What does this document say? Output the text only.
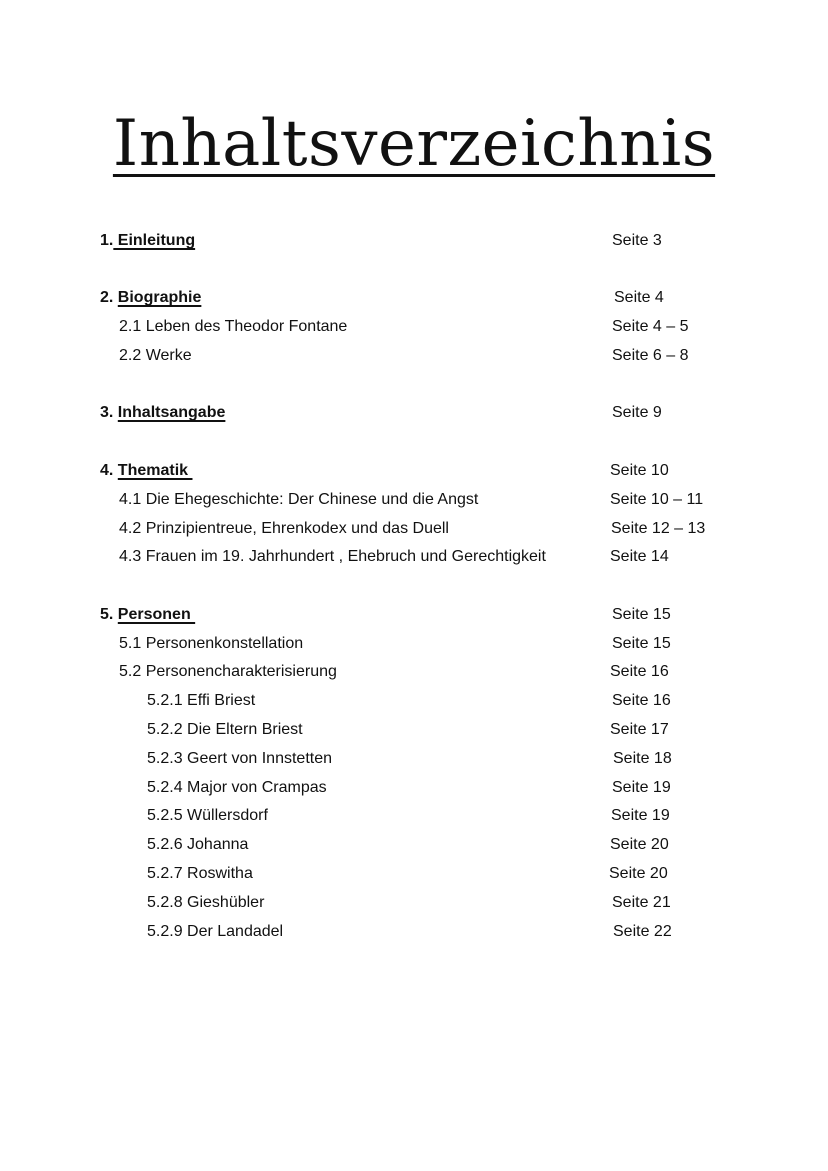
Inhaltsverzeichnis
1. Einleitung	Seite 3
2. Biographie	Seite 4
2.1 Leben des Theodor Fontane	Seite 4 – 5
2.2 Werke	Seite 6 – 8
3. Inhaltsangabe	Seite 9
4. Thematik	Seite 10
4.1 Die Ehegeschichte: Der Chinese und die Angst	Seite 10 – 11
4.2 Prinzipientreue, Ehrenkodex und das Duell	Seite 12 – 13
4.3 Frauen im 19. Jahrhundert , Ehebruch und Gerechtigkeit	Seite 14
5. Personen	Seite 15
5.1 Personenkonstellation	Seite 15
5.2 Personencharakterisierung	Seite 16
5.2.1 Effi Briest	Seite 16
5.2.2 Die Eltern Briest	Seite 17
5.2.3 Geert von Innstetten	Seite 18
5.2.4 Major von Crampas	Seite 19
5.2.5 Wüllersdorf	Seite 19
5.2.6 Johanna	Seite 20
5.2.7 Roswitha	Seite 20
5.2.8 Gieshübler	Seite 21
5.2.9 Der Landadel	Seite 22
